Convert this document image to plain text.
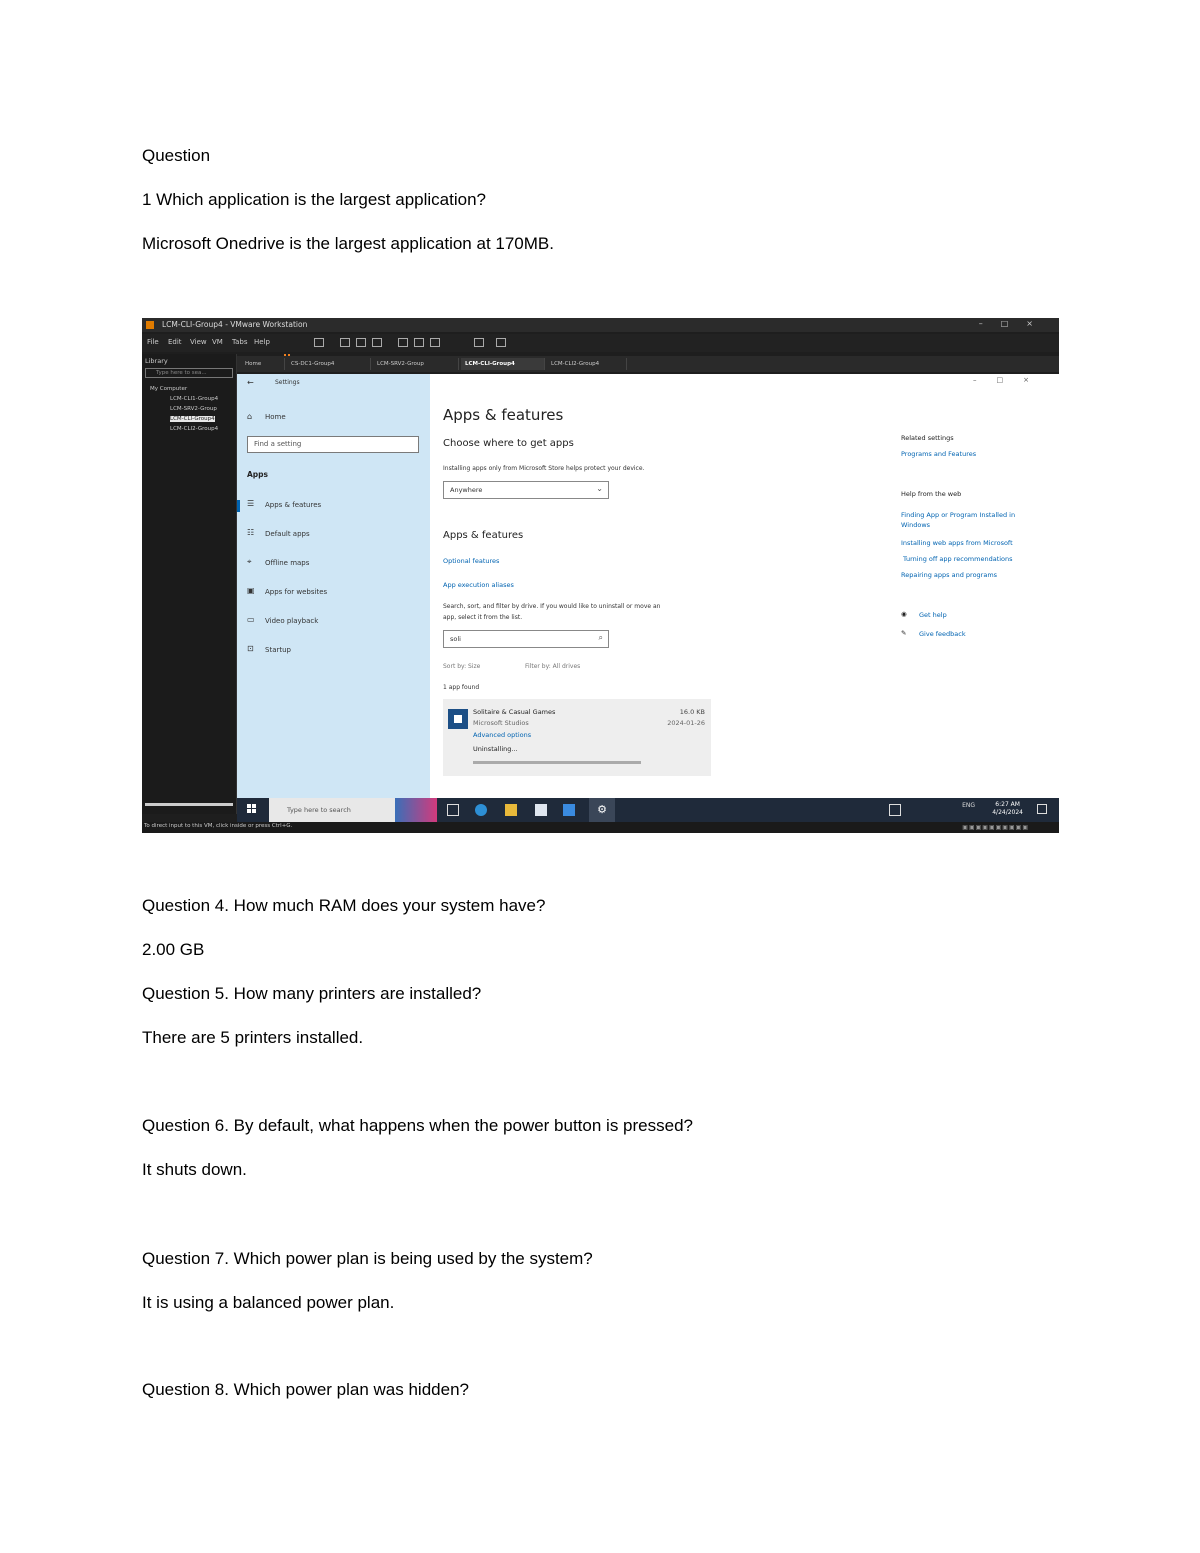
Question
1 Which application is the largest application?
Microsoft Onedrive is the largest application at 170MB.
LCM-CLI-Group4 - VMware Workstation	–□×
File Edit View VM Tabs Help
Library
Type here to sea...
My Computer
LCM-CLI1-Group4
LCM-SRV2-Group
LCM-CLI-Group4
LCM-CLI2-Group4
Home	CS-DC1-Group4	LCM-SRV2-Group	LCM-CLI-Group4	LCM-CLI2-Group4
←	Settings
⌂ Home
Find a setting
Apps
☰ Apps & features
☷ Default apps
⌖ Offline maps
▣ Apps for websites
▭ Video playback
⊡ Startup
–□×
Apps & features
Choose where to get apps
Installing apps only from Microsoft Store helps protect your device.
Anywhere	⌄
Apps & features
Optional features
App execution aliases
Search, sort, and filter by drive. If you would like to uninstall or move an
app, select it from the list.
soli	⌕
Sort by: Size	Filter by: All drives
1 app found
Solitaire & Casual Games
Microsoft Studios
Advanced options
Uninstalling...
16.0 KB
2024-01-26
Related settings
Programs and Features
Help from the web
Finding App or Program Installed in
Windows
Installing web apps from Microsoft
Turning off app recommendations
Repairing apps and programs
◉ Get help
✎ Give feedback
Type here to search	⚙	ENG	6:27 AM
4/24/2024
To direct input to this VM, click inside or press Ctrl+G.	▣▣▣▣▣▣▣▣▣▣
Question 4. How much RAM does your system have?
2.00 GB
Question 5. How many printers are installed?
There are 5 printers installed.
Question 6. By default, what happens when the power button is pressed?
It shuts down.
Question 7. Which power plan is being used by the system?
It is using a balanced power plan.
Question 8. Which power plan was hidden?
